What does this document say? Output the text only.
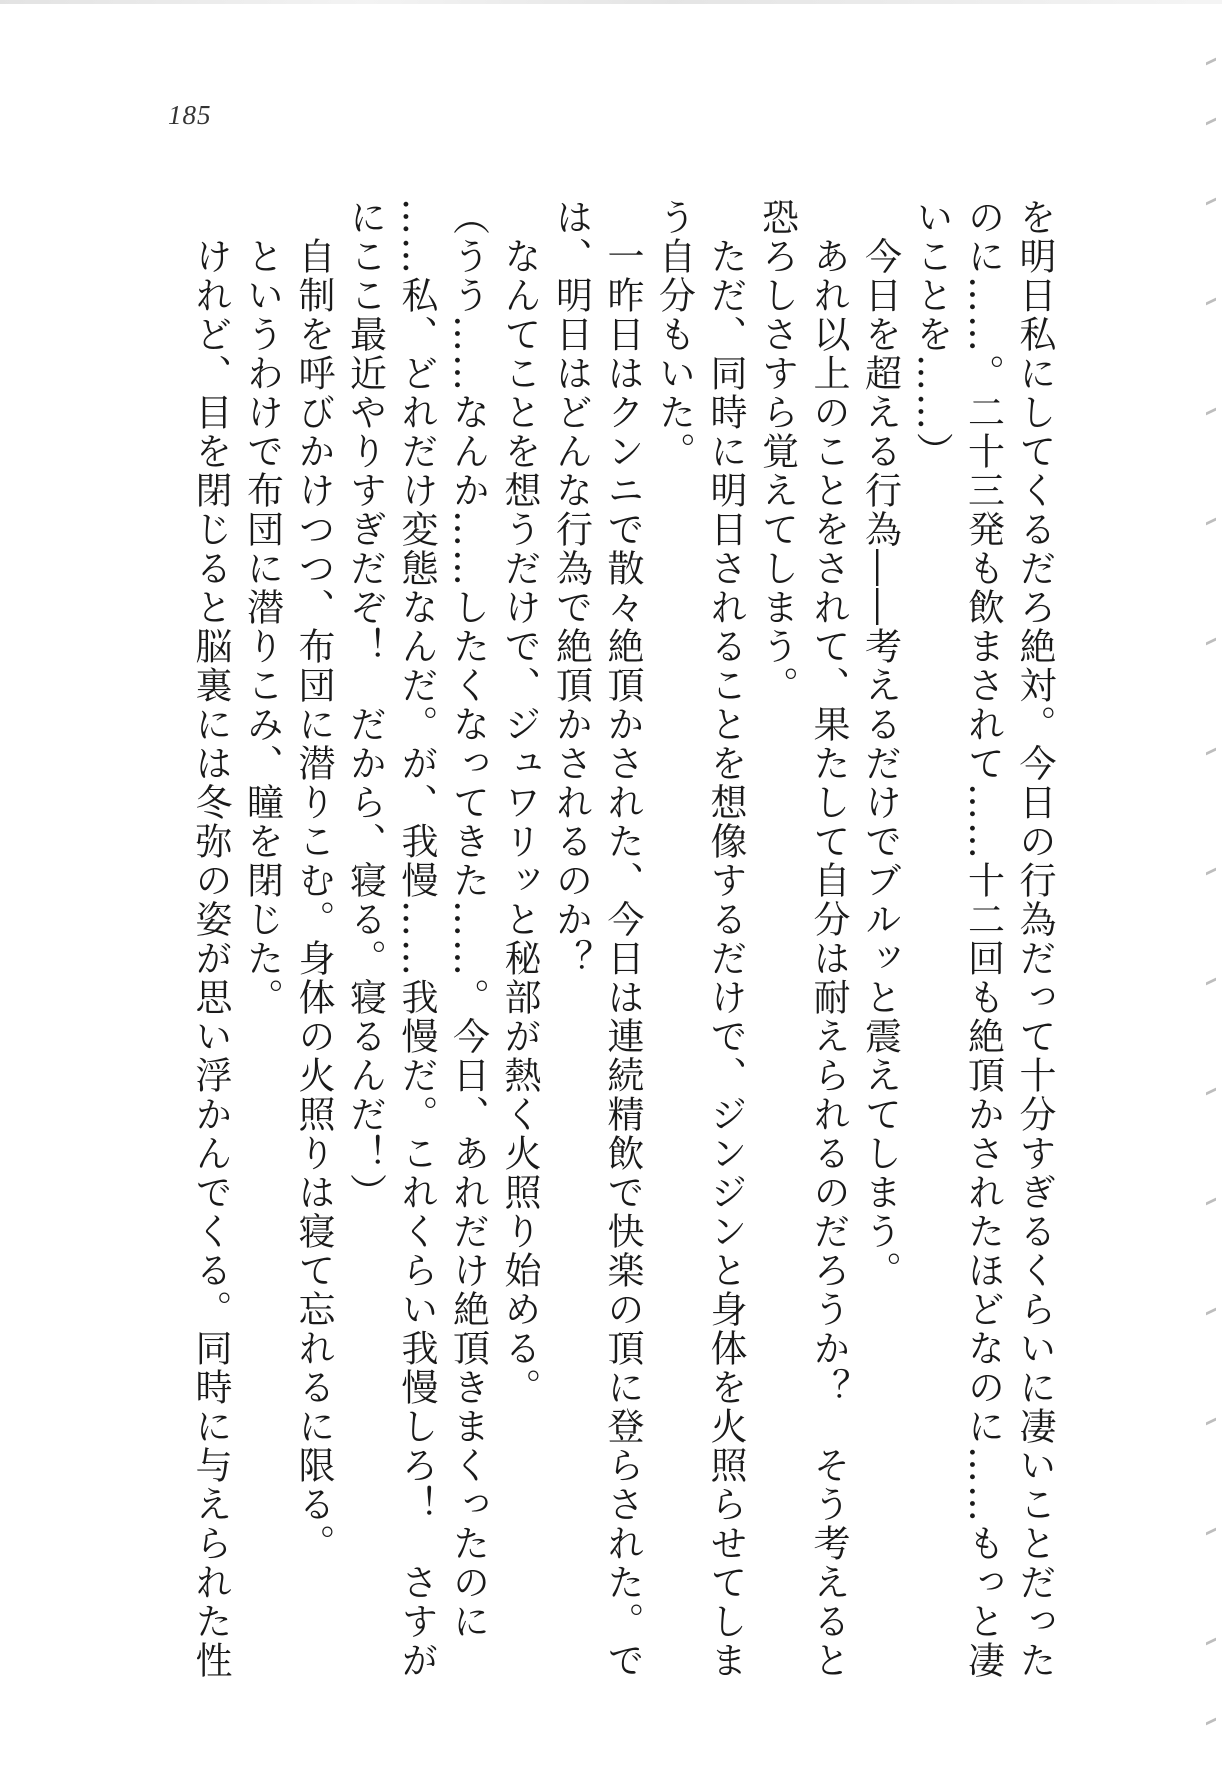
185

を明日私にしてくるだろ絶対。今日の行為だって十分すぎるくらいに凄いことだった
のに……。二十三発も飲まされて……十二回も絶頂かされたほどなのに……もっと凄
いことを……）

　今日を超える行為――考えるだけでブルッと震えてしまう。

　あれ以上のことをされて、果たして自分は耐えられるのだろうか？　そう考えると
恐ろしさすら覚えてしまう。

　ただ、同時に明日されることを想像するだけで、ジンジンと身体を火照らせてしま
う自分もいた。

　一昨日はクンニで散々絶頂かされた、今日は連続精飲で快楽の頂に登らされた。で
は、明日はどんな行為で絶頂かされるのか？

　なんてことを想うだけで、ジュワリッと秘部が熱く火照り始める。

（うう……なんか……したくなってきた……。今日、あれだけ絶頂きまくったのに
……私、どれだけ変態なんだ。が、我慢……我慢だ。これくらい我慢しろ！　さすが
にここ最近やりすぎだぞ！　だから、寝る。寝るんだ！）

　自制を呼びかけつつ、布団に潜りこむ。身体の火照りは寝て忘れるに限る。

　というわけで布団に潜りこみ、瞳を閉じた。

　けれど、目を閉じると脳裏には冬弥の姿が思い浮かんでくる。同時に与えられた性
